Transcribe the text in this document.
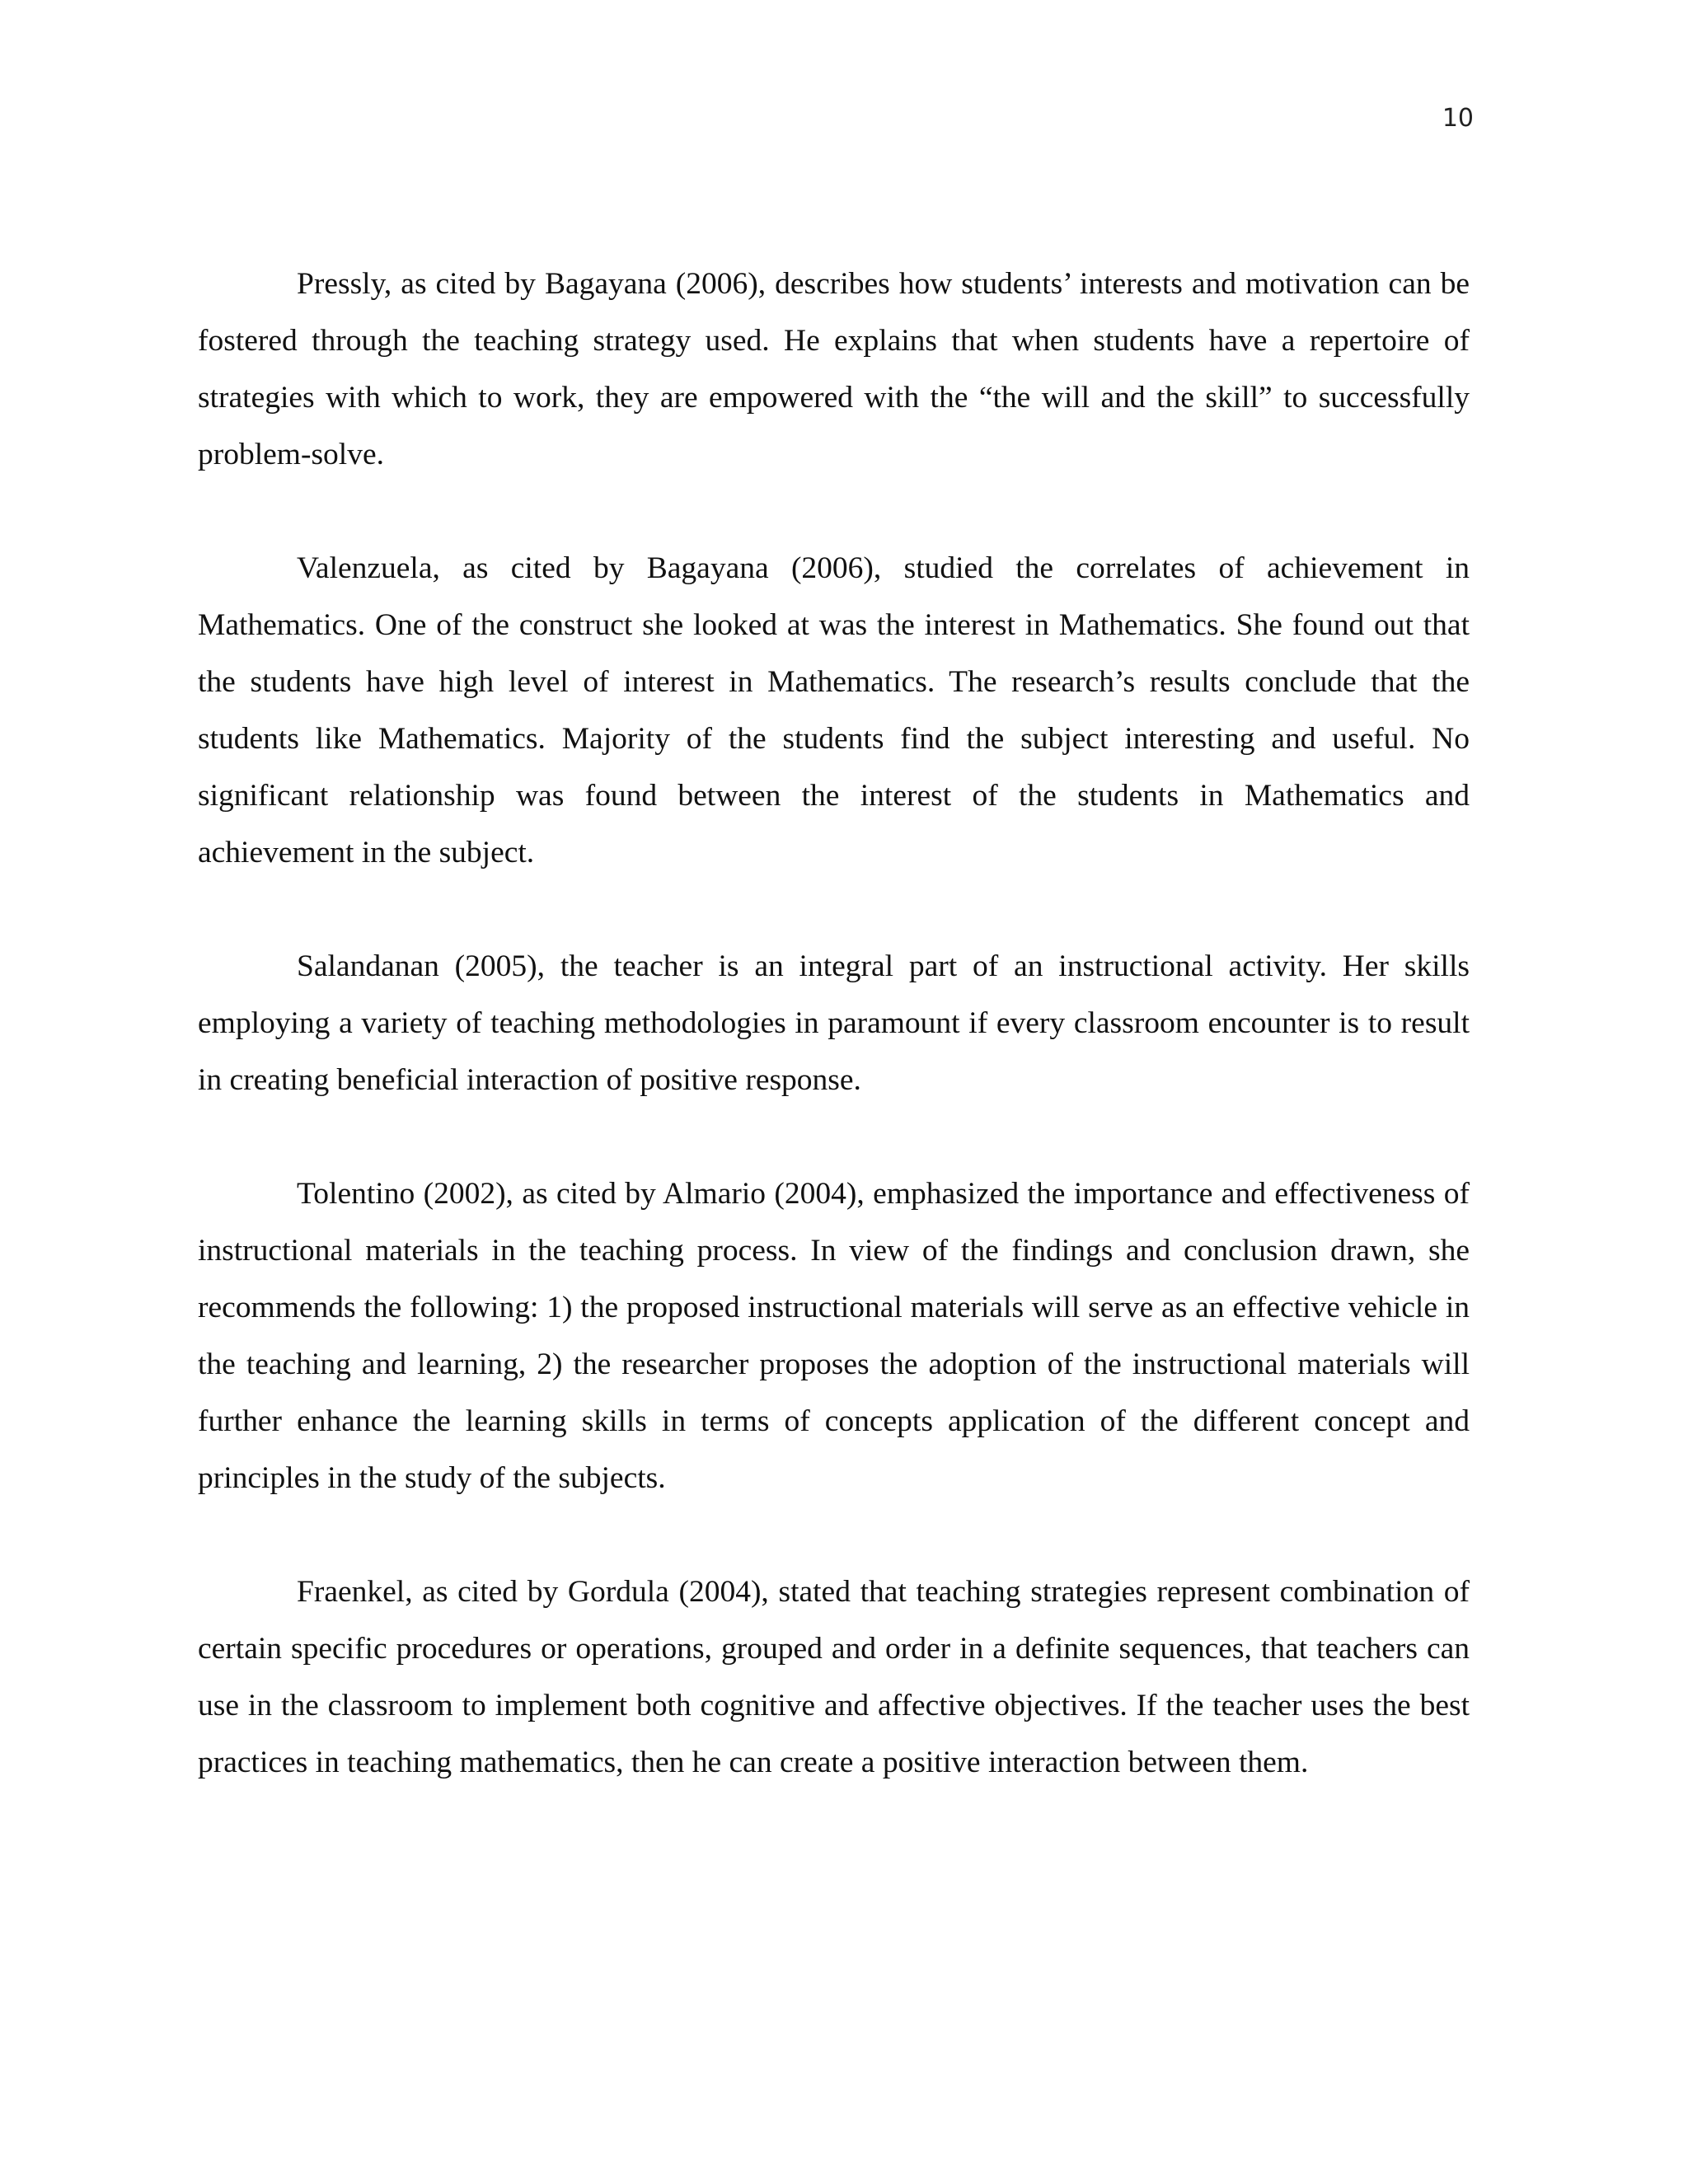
10

Pressly, as cited by Bagayana (2006), describes how students’ interests and motivation can be fostered through the teaching strategy used. He explains that when students have a repertoire of strategies with which to work, they are empowered with the “the will and the skill” to successfully problem-solve.

Valenzuela, as cited by Bagayana (2006), studied the correlates of achievement in Mathematics. One of the construct she looked at was the interest in Mathematics. She found out that the students have high level of interest in Mathematics. The research’s results conclude that the students like Mathematics. Majority of the students find the subject interesting and useful. No significant relationship was found between the interest of the students in Mathematics and achievement in the subject.

Salandanan (2005), the teacher is an integral part of an instructional activity. Her skills employing a variety of teaching methodologies in paramount if every classroom encounter is to result in creating beneficial interaction of positive response.

Tolentino (2002), as cited by Almario (2004), emphasized the importance and effectiveness of instructional materials in the teaching process. In view of the findings and conclusion drawn, she recommends the following: 1) the proposed instructional materials will serve as an effective vehicle in the teaching and learning, 2) the researcher proposes the adoption of the instructional materials will further enhance the learning skills in terms of concepts application of the different concept and principles in the study of the subjects.

Fraenkel, as cited by Gordula (2004), stated that teaching strategies represent combination of certain specific procedures or operations, grouped and order in a definite sequences, that teachers can use in the classroom to implement both cognitive and affective objectives. If the teacher uses the best practices in teaching mathematics, then he can create a positive interaction between them.
